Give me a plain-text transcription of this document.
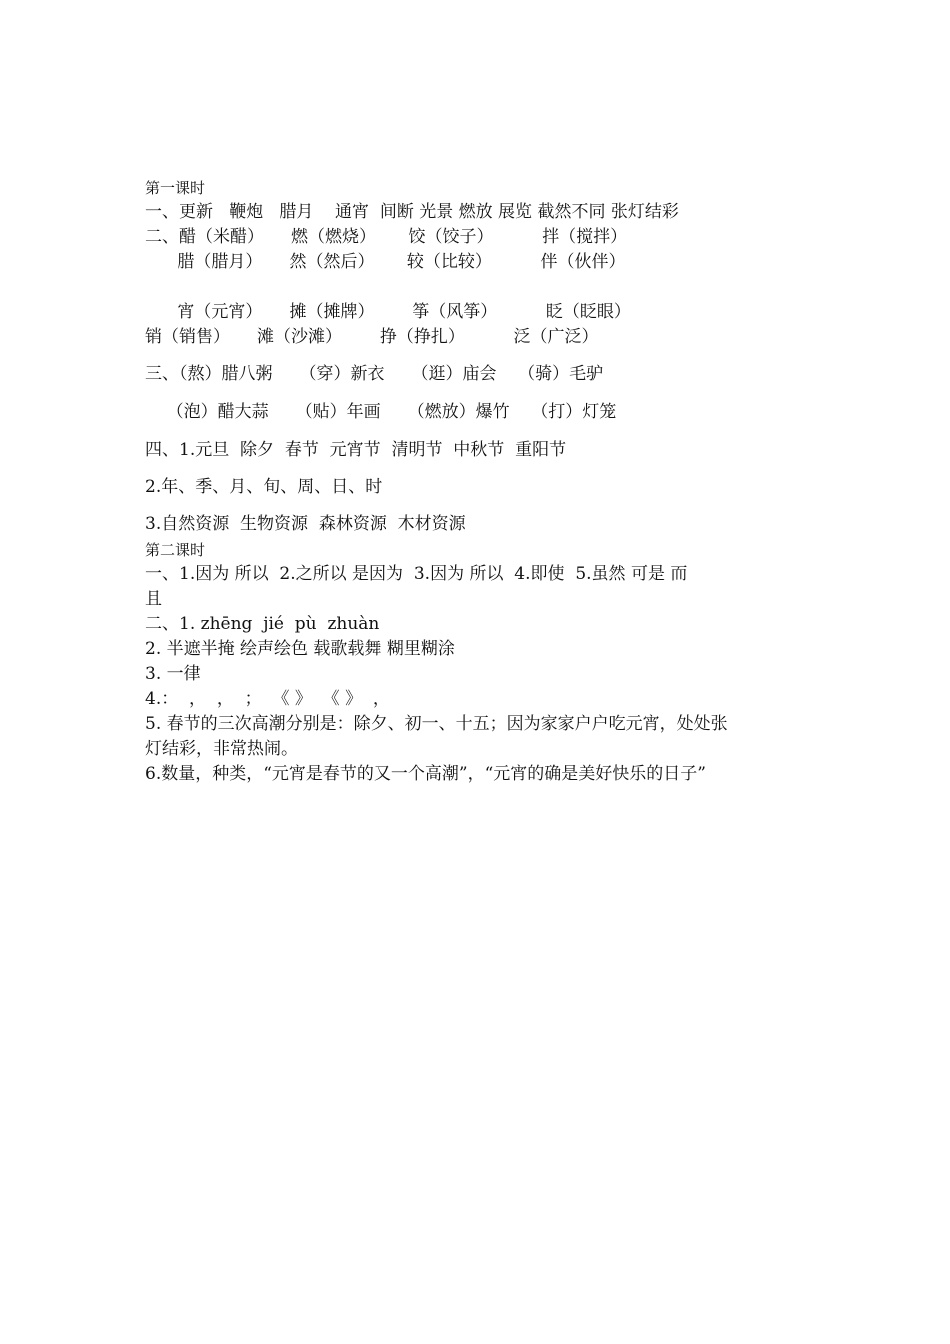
第一课时
一、更新   鞭炮   腊月    通宵  间断 光景 燃放 展览 截然不同 张灯结彩
二、醋（米醋）     燃（燃烧）      饺（饺子）         拌（搅拌）
腊（腊月）     然（然后）      较（比较）         伴（伙伴）
宵（元宵）     摊（摊牌）       筝（风筝）         眨（眨眼）
销（销售）     滩（沙滩）       挣（挣扎）         泛（广泛）
三、（熬）腊八粥     （穿）新衣     （逛）庙会    （骑）毛驴
（泡）醋大蒜     （贴）年画     （燃放）爆竹    （打）灯笼
四、1.元旦  除夕  春节  元宵节  清明节  中秋节  重阳节
2.年、季、月、旬、周、日、时
3.自然资源  生物资源  森林资源  木材资源
第二课时
一、1.因为 所以  2.之所以 是因为  3.因为 所以  4.即使  5.虽然 可是 而
且
二、1. zhēng  jié  pù  zhuàn
2. 半遮半掩 绘声绘色 载歌载舞 糊里糊涂
3. 一律
4.：  ，  ，  ；  《 》  《 》  ，
5. 春节的三次高潮分别是：除夕、初一、十五；因为家家户户吃元宵，处处张
灯结彩，非常热闹。
6.数量，种类，“元宵是春节的又一个高潮”，“元宵的确是美好快乐的日子”
